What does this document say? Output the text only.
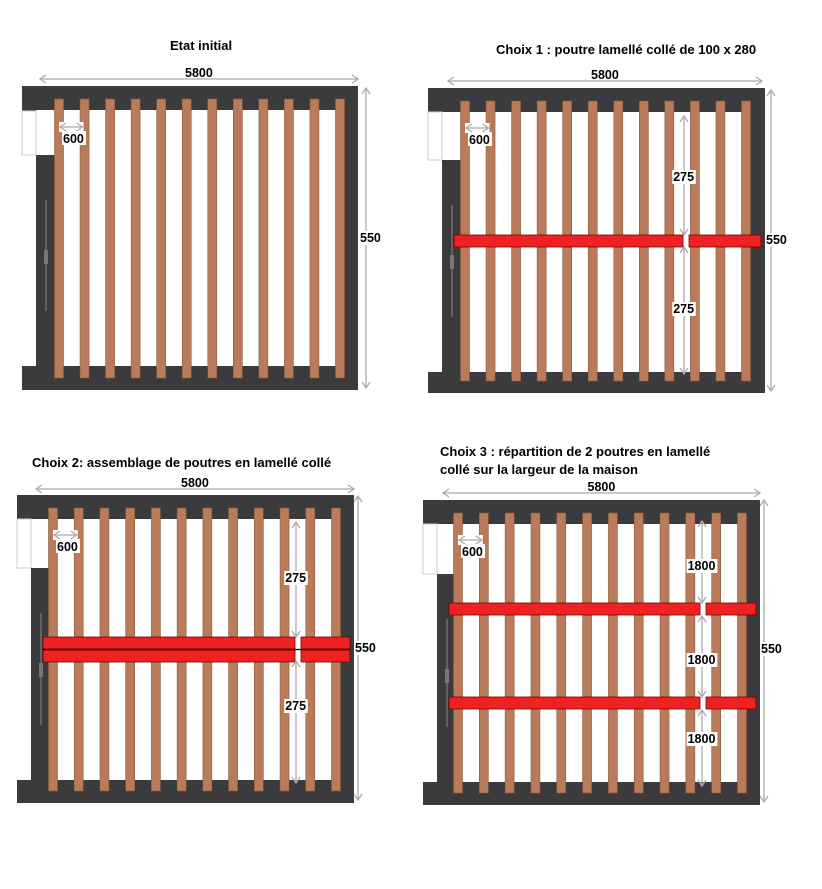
5800
550
600
275
275
5800
550
600
275
275
5800
550
600
1800
1800
1800
5800
550
600
Etat initial	Choix 1 : poutre lamellé collé de 100 x 280
Choix 2: assemblage de poutres en lamellé collé
Choix 3 : répartition de 2 poutres en lamellé
collé sur la largeur de la maison
